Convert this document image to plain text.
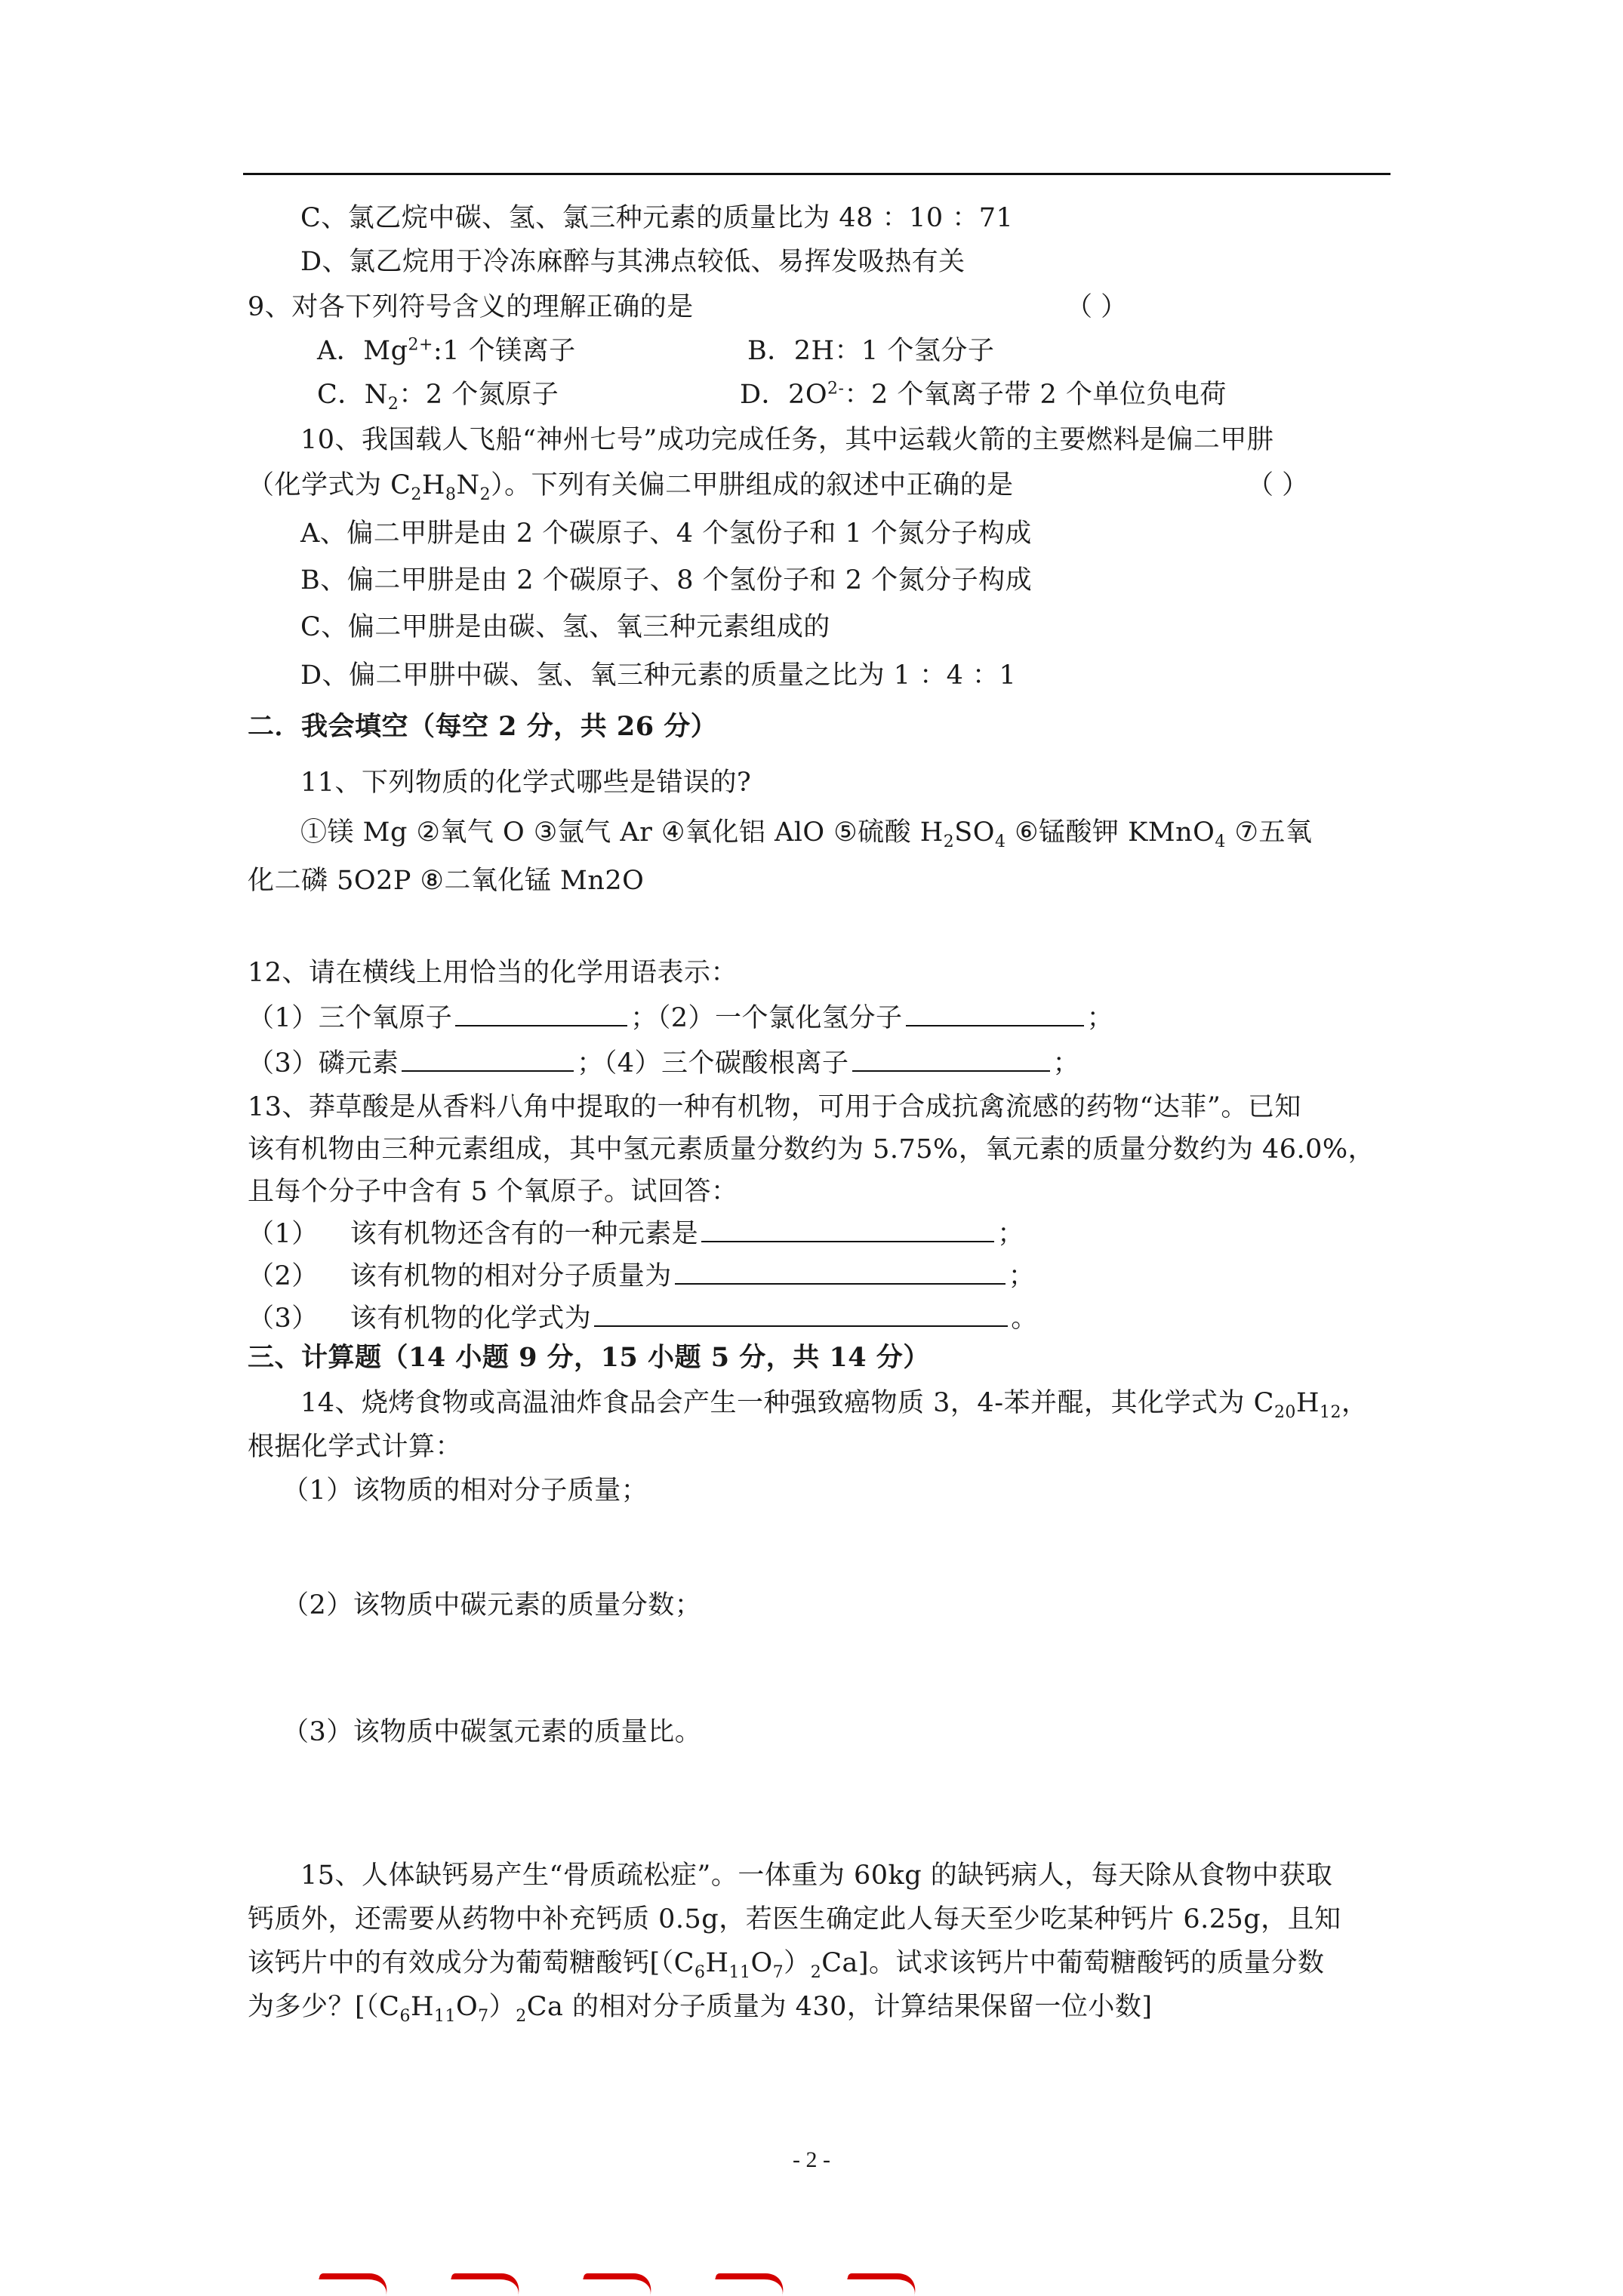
C、氯乙烷中碳、氢、氯三种元素的质量比为 48 ：10 ：71
D、氯乙烷用于冷冻麻醉与其沸点较低、易挥发吸热有关
9、对各下列符号含义的理解正确的是	（ ）
A．$Mg^{2+}:1$ 个镁离子	B．2H：1 个氢分子
C．$N_2$：2 个氮原子	D．$2O^{2-}$：2 个氧离子带 2 个单位负电荷
10、我国载人飞船“神州七号”成功完成任务，其中运载火箭的主要燃料是偏二甲肼
（化学式为 $C_2H_8N_2$）。下列有关偏二甲肼组成的叙述中正确的是	（ ）
A、偏二甲肼是由 2 个碳原子、4 个氢份子和 1 个氮分子构成
B、偏二甲肼是由 2 个碳原子、8 个氢份子和 2 个氮分子构成
C、偏二甲肼是由碳、氢、氧三种元素组成的
D、偏二甲肼中碳、氢、氧三种元素的质量之比为 1 ：4 ：1
二．我会填空（每空 2 分，共 26 分）
11、下列物质的化学式哪些是错误的?
①镁 Mg ②氧气 O ③氩气 Ar ④氧化铝 AlO ⑤硫酸 $H_2SO_4$ ⑥锰酸钾 KMnO$_4$ ⑦五氧
化二磷 5O2P ⑧二氧化锰 Mn2O
12、请在横线上用恰当的化学用语表示：
（1）三个氧原子	；（2）一个氯化氢分子	；
（3）磷元素	；（4）三个碳酸根离子	；
13、莽草酸是从香料八角中提取的一种有机物，可用于合成抗禽流感的药物“达菲”。已知
该有机物由三种元素组成，其中氢元素质量分数约为 5.75%，氧元素的质量分数约为 46.0%，
且每个分子中含有 5 个氧原子。试回答：
（1） 该有机物还含有的一种元素是	；
（2） 该有机物的相对分子质量为	；
（3） 该有机物的化学式为	。
三、计算题（14 小题 9 分，15 小题 5 分，共 14 分）
14、烧烤食物或高温油炸食品会产生一种强致癌物质 3，4-苯并醌，其化学式为 $C_{20}H_{12}$，
根据化学式计算：
（1）该物质的相对分子质量；
（2）该物质中碳元素的质量分数；
（3）该物质中碳氢元素的质量比。
15、人体缺钙易产生“骨质疏松症”。一体重为 60kg 的缺钙病人，每天除从食物中获取
钙质外，还需要从药物中补充钙质 0.5g，若医生确定此人每天至少吃某种钙片 6.25g，且知
该钙片中的有效成分为葡萄糖酸钙$[(C_6H_{11}O_7)_2Ca]$。试求该钙片中葡萄糖酸钙的质量分数
为多少？[$(C_6H_{11}O_7)_2Ca$ 的相对分子质量为 430，计算结果保留一位小数]
- 2 -
